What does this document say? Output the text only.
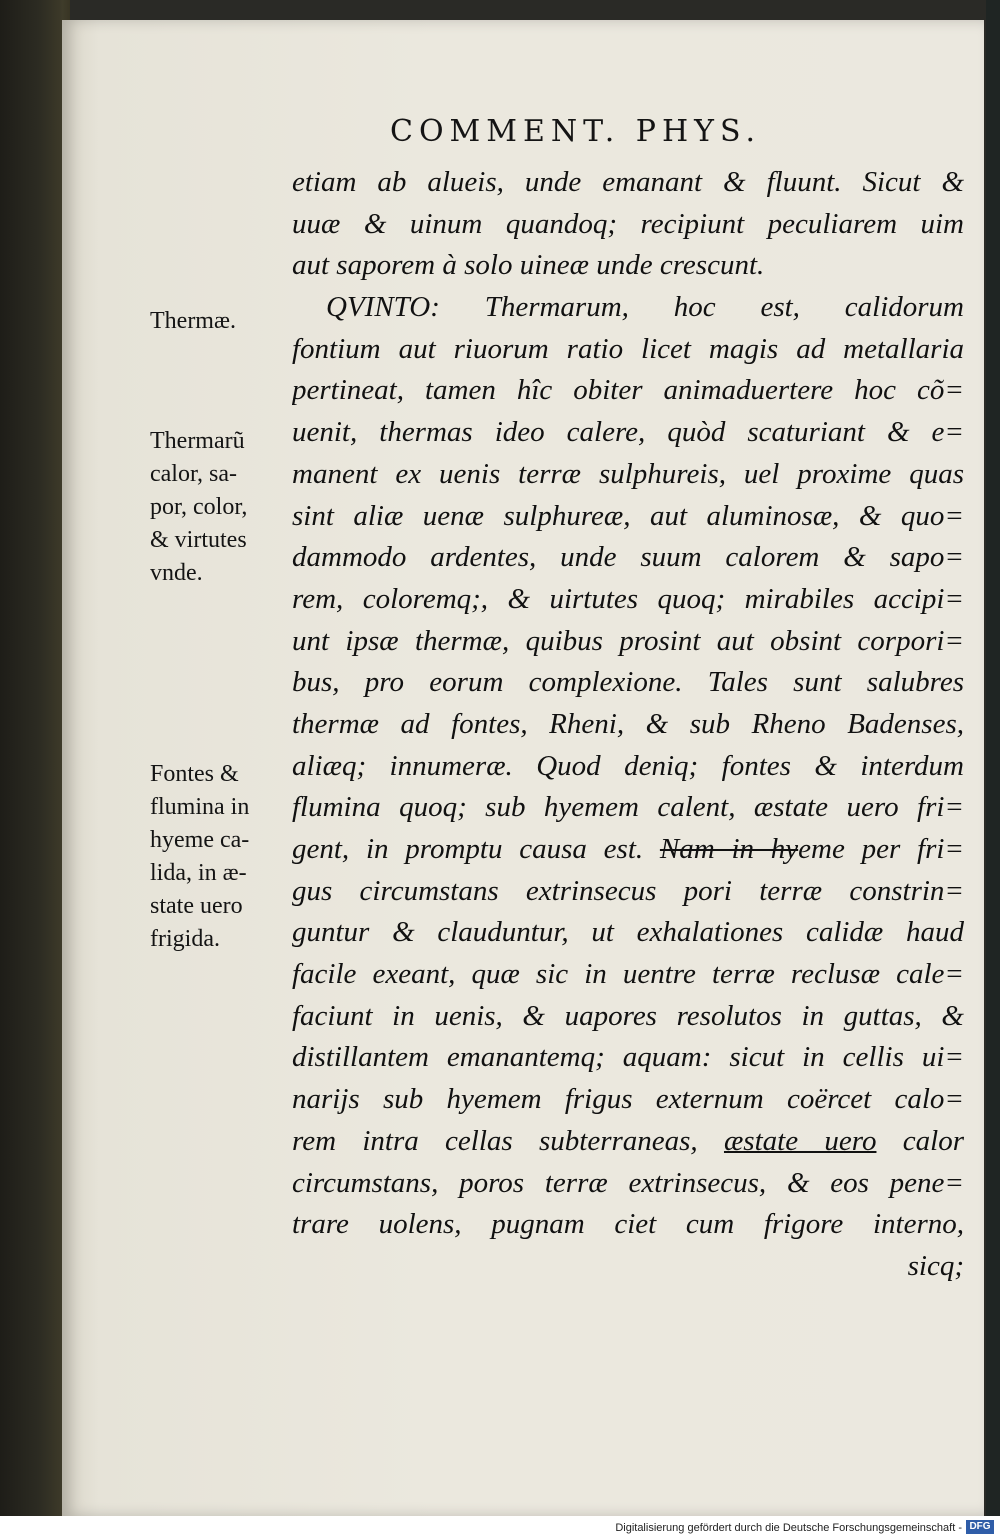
COMMENT. PHYS.
etiam ab alueis, unde emanant & fluunt. Sicut &
uuæ & uinum quandoq; recipiunt peculiarem uim
aut saporem à solo uineæ unde crescunt.
QVINTO: Thermarum, hoc est, calidorum
fontium aut riuorum ratio licet magis ad metallaria
pertineat, tamen hîc obiter animaduertere hoc cõ=
uenit, thermas ideo calere, quòd scaturiant & e=
manent ex uenis terræ sulphureis, uel proxime quas
sint aliæ uenæ sulphureæ, aut aluminosæ, & quo=
dammodo ardentes, unde suum calorem & sapo=
rem, coloremq;, & uirtutes quoq; mirabiles accipi=
unt ipsæ thermæ, quibus prosint aut obsint corpori=
bus, pro eorum complexione. Tales sunt salubres
thermæ ad fontes, Rheni, & sub Rheno Badenses,
aliæq; innumeræ. Quod deniq; fontes & interdum
flumina quoq; sub hyemem calent, æstate uero fri=
gent, in promptu causa est. Nam in hyeme per fri=
gus circumstans extrinsecus pori terræ constrin=
guntur & clauduntur, ut exhalationes calidæ haud
facile exeant, quæ sic in uentre terræ reclusæ cale=
faciunt in uenis, & uapores resolutos in guttas, &
distillantem emanantemq; aquam: sicut in cellis ui=
narijs sub hyemem frigus externum coërcet calo=
rem intra cellas subterraneas, æstate uero calor
circumstans, poros terræ extrinsecus, & eos pene=
trare uolens, pugnam ciet cum frigore interno,
sicq;
Thermæ.
Thermarũ
calor, sa-
por, color,
& virtutes
vnde.
Fontes &
flumina in
hyeme ca-
lida, in æ-
state uero
frigida.
Digitalisierung gefördert durch die Deutsche Forschungsgemeinschaft - DFG
